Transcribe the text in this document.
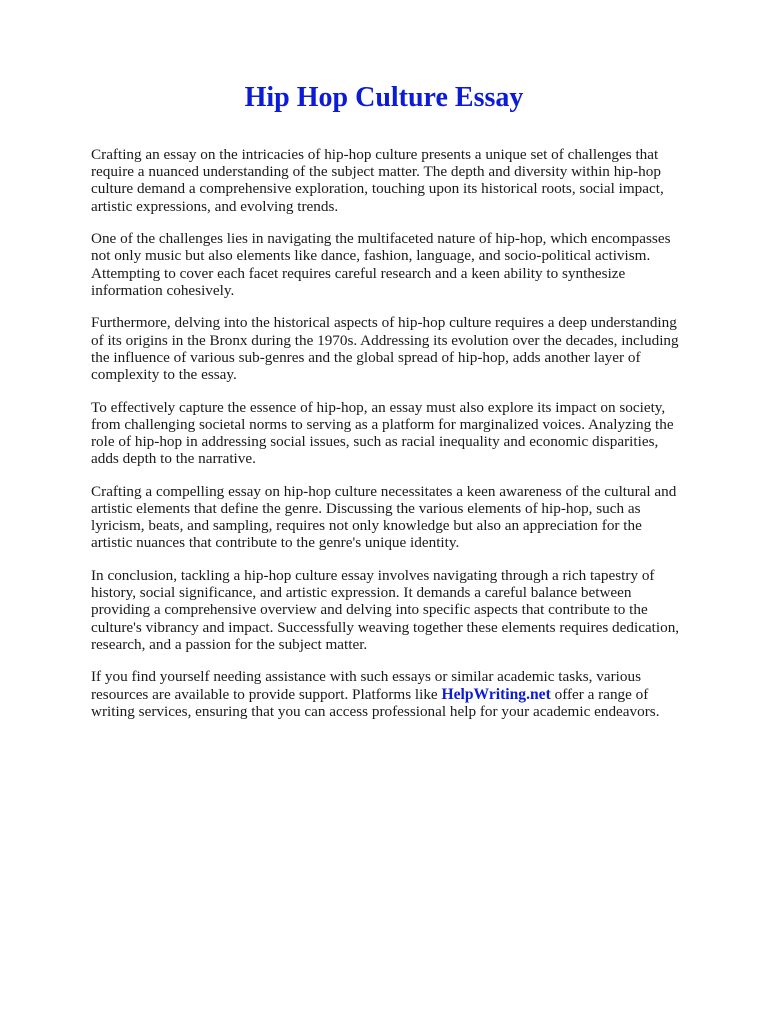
Hip Hop Culture Essay

Crafting an essay on the intricacies of hip-hop culture presents a unique set of challenges that require a nuanced understanding of the subject matter. The depth and diversity within hip-hop culture demand a comprehensive exploration, touching upon its historical roots, social impact, artistic expressions, and evolving trends.

One of the challenges lies in navigating the multifaceted nature of hip-hop, which encompasses not only music but also elements like dance, fashion, language, and socio-political activism. Attempting to cover each facet requires careful research and a keen ability to synthesize information cohesively.

Furthermore, delving into the historical aspects of hip-hop culture requires a deep understanding of its origins in the Bronx during the 1970s. Addressing its evolution over the decades, including the influence of various sub-genres and the global spread of hip-hop, adds another layer of complexity to the essay.

To effectively capture the essence of hip-hop, an essay must also explore its impact on society, from challenging societal norms to serving as a platform for marginalized voices. Analyzing the role of hip-hop in addressing social issues, such as racial inequality and economic disparities, adds depth to the narrative.

Crafting a compelling essay on hip-hop culture necessitates a keen awareness of the cultural and artistic elements that define the genre. Discussing the various elements of hip-hop, such as lyricism, beats, and sampling, requires not only knowledge but also an appreciation for the artistic nuances that contribute to the genre's unique identity.

In conclusion, tackling a hip-hop culture essay involves navigating through a rich tapestry of history, social significance, and artistic expression. It demands a careful balance between providing a comprehensive overview and delving into specific aspects that contribute to the culture's vibrancy and impact. Successfully weaving together these elements requires dedication, research, and a passion for the subject matter.

If you find yourself needing assistance with such essays or similar academic tasks, various resources are available to provide support. Platforms like HelpWriting.net offer a range of writing services, ensuring that you can access professional help for your academic endeavors.
